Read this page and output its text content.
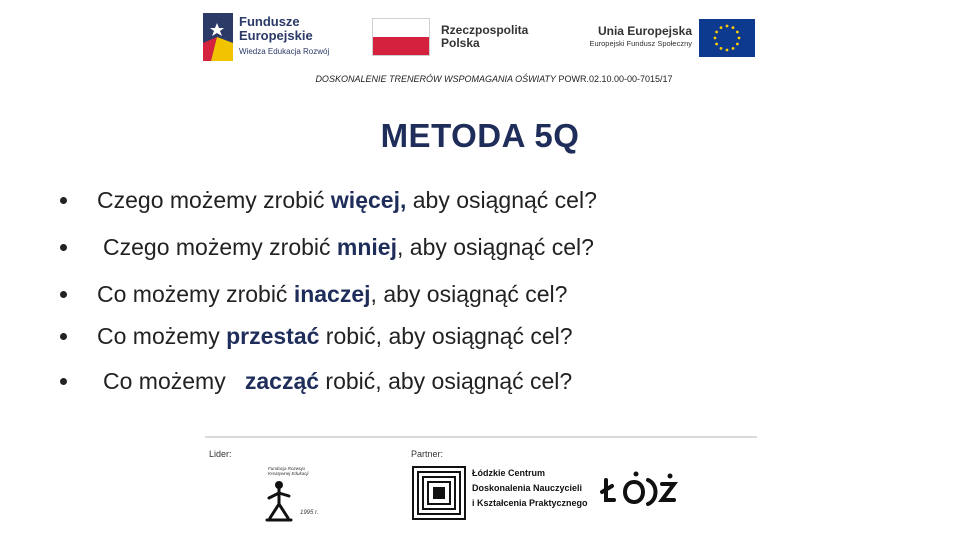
Fundusze
Europejskie
Wiedza Edukacja Rozwój
Rzeczpospolita
Polska
Unia Europejska
Europejski Fundusz Społeczny
DOSKONALENIE TRENERÓW WSPOMAGANIA OŚWIATY POWR.02.10.00-00-7015/17
METODA 5Q
Czego możemy zrobić więcej, aby osiągnąć cel?
Czego możemy zrobić mniej, aby osiągnąć cel?
Co możemy zrobić inaczej, aby osiągnąć cel?
Co możemy przestać robić, aby osiągnąć cel?
Co możemy   zacząć robić, aby osiągnąć cel?
Lider:	Partner:
Fundacja Rozwoju Kreatywnej Edukacji
1995 r.
Łódzkie Centrum
Doskonalenia Nauczycieli
i Kształcenia Praktycznego
